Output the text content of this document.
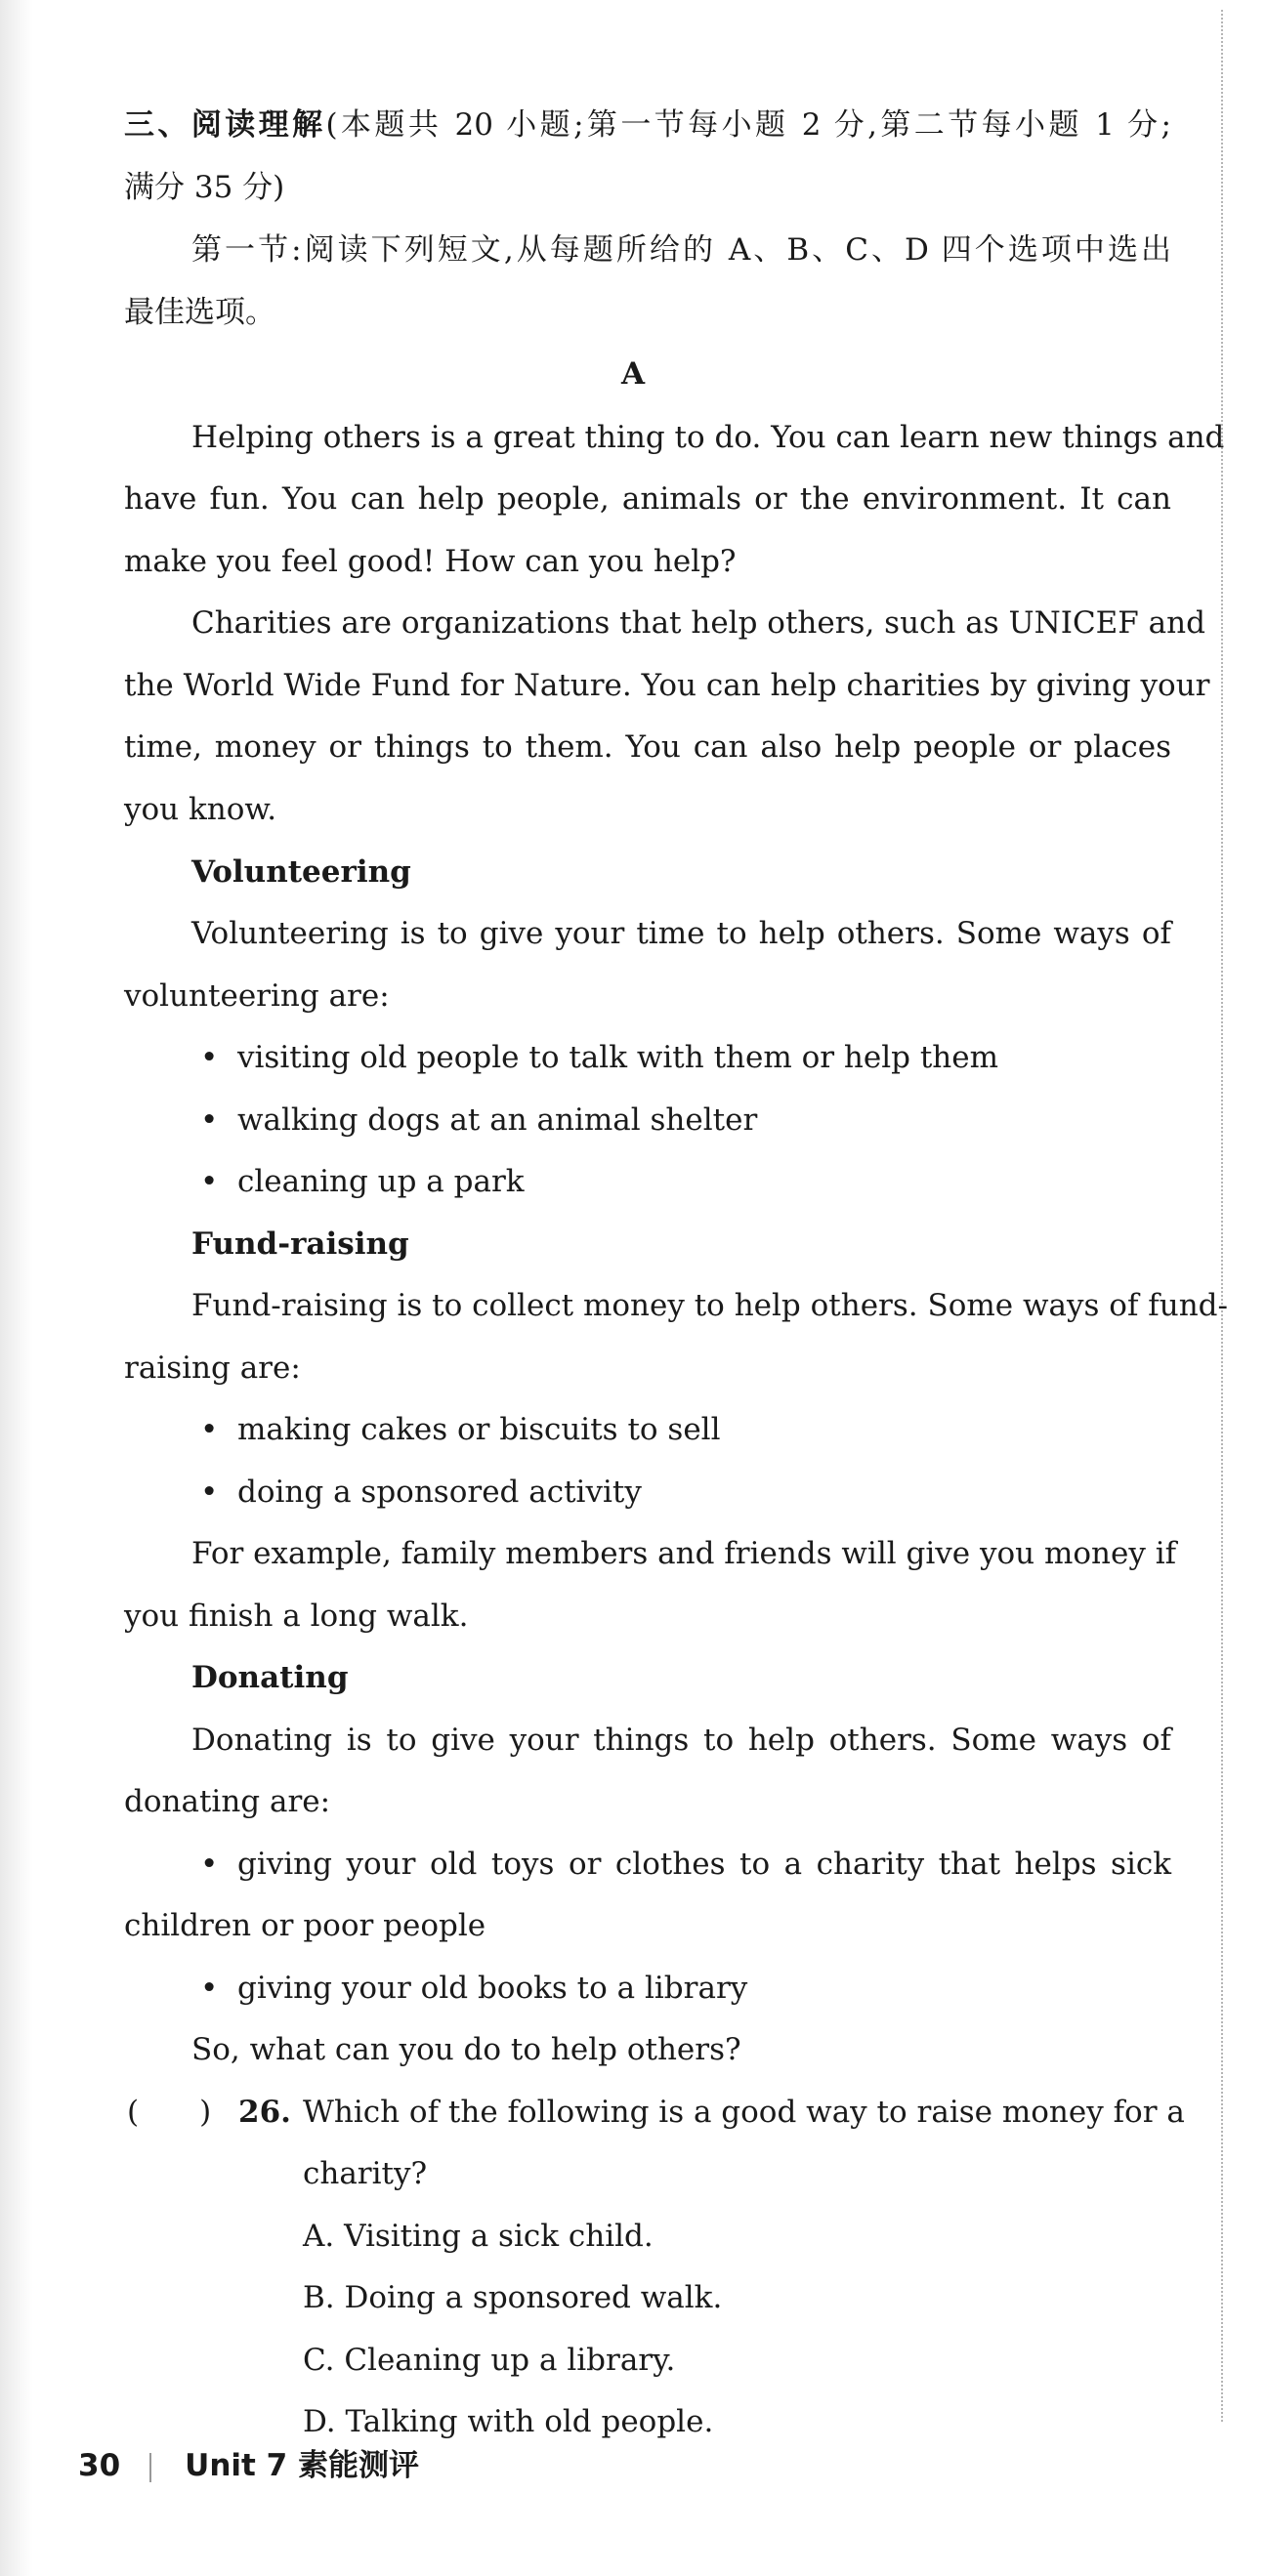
三、阅读理解(本题共 20 小题;第一节每小题 2 分,第二节每小题 1 分;
满分 35 分)
第一节:阅读下列短文,从每题所给的 A、B、C、D 四个选项中选出
最佳选项。
A
Helping others is a great thing to do. You can learn new things and
have fun. You can help people, animals or the environment. It can
make you feel good! How can you help?
Charities are organizations that help others, such as UNICEF and
the World Wide Fund for Nature. You can help charities by giving your
time, money or things to them. You can also help people or places
you know.
Volunteering
Volunteering is to give your time to help others. Some ways of
volunteering are:
• visiting old people to talk with them or help them
• walking dogs at an animal shelter
• cleaning up a park
Fund-raising
Fund-raising is to collect money to help others. Some ways of fund-
raising are:
• making cakes or biscuits to sell
• doing a sponsored activity
For example, family members and friends will give you money if
you finish a long walk.
Donating
Donating is to give your things to help others. Some ways of
donating are:
• giving your old toys or clothes to a charity that helps sick
children or poor people
• giving your old books to a library
So, what can you do to help others?
(　　) 26. Which of the following is a good way to raise money for a
charity?
A. Visiting a sick child.
B. Doing a sponsored walk.
C. Cleaning up a library.
D. Talking with old people.
30 Unit 7 素能测评
